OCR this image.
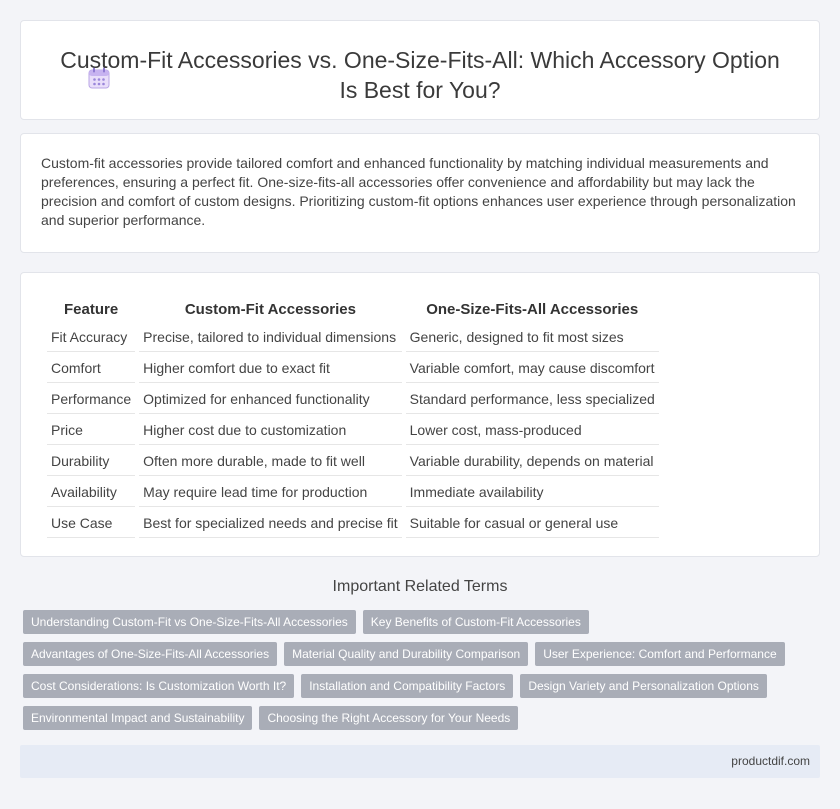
Custom-Fit Accessories vs. One-Size-Fits-All: Which Accessory Option Is Best for You?

Custom-fit accessories provide tailored comfort and enhanced functionality by matching individual measurements and preferences, ensuring a perfect fit. One-size-fits-all accessories offer convenience and affordability but may lack the precision and comfort of custom designs. Prioritizing custom-fit options enhances user experience through personalization and superior performance.

Feature	Custom-Fit Accessories	One-Size-Fits-All Accessories
Fit Accuracy	Precise, tailored to individual dimensions	Generic, designed to fit most sizes
Comfort	Higher comfort due to exact fit	Variable comfort, may cause discomfort
Performance	Optimized for enhanced functionality	Standard performance, less specialized
Price	Higher cost due to customization	Lower cost, mass-produced
Durability	Often more durable, made to fit well	Variable durability, depends on material
Availability	May require lead time for production	Immediate availability
Use Case	Best for specialized needs and precise fit	Suitable for casual or general use
Important Related Terms
Understanding Custom-Fit vs One-Size-Fits-All Accessories	Key Benefits of Custom-Fit Accessories
Advantages of One-Size-Fits-All Accessories	Material Quality and Durability Comparison	User Experience: Comfort and Performance
Cost Considerations: Is Customization Worth It?	Installation and Compatibility Factors	Design Variety and Personalization Options
Environmental Impact and Sustainability	Choosing the Right Accessory for Your Needs
productdif.com
